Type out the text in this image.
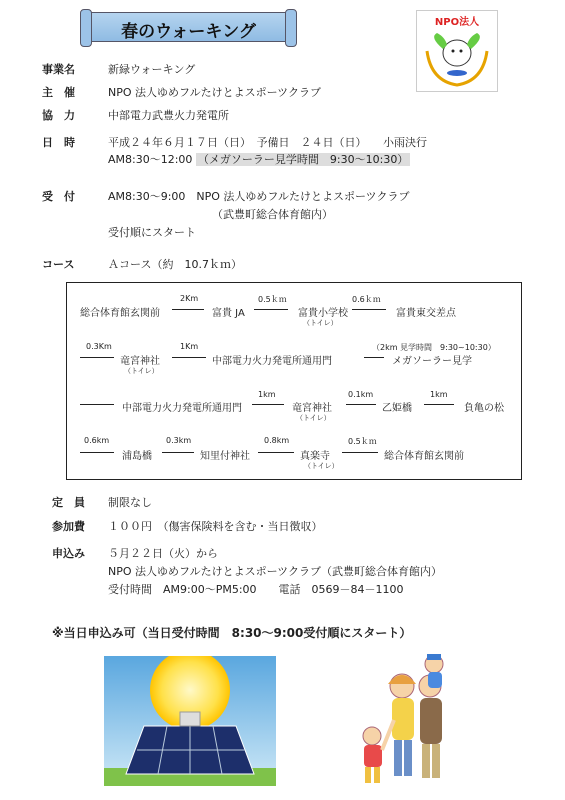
春のウォーキング	NPO法人
事業名	新緑ウォーキング
主　催	NPO 法人ゆめフルたけとよスポーツクラブ
協　力	中部電力武豊火力発電所
日　時	平成２４年６月１７日（日）　予備日　２４日（日）　　小雨決行
AM8:30～12:00 （メガソーラー見学時間　9:30～10:30）
受　付	AM8:30～9:00　NPO 法人ゆめフルたけとよスポーツクラブ
（武豊町総合体育館内）
受付順にスタート
コース	Ａコース（約　10.7ｋｍ）
総合体育館玄関前
2Km
富貴 JA
0.5ｋｍ
富貴小学校
（トイレ）
0.6ｋｍ
富貴東交差点
0.3Km
竜宮神社
（トイレ）
1Km
中部電力火力発電所通用門
（2km 見学時間　9:30~10:30）
メガソーラー見学
中部電力火力発電所通用門
1km
竜宮神社
（トイレ）
0.1km
乙姫橋
1km
負亀の松
0.6km
浦島橋
0.3km
知里付神社
0.8km
真楽寺
（トイレ）
0.5ｋｍ
総合体育館玄関前
定　員 制限なし
参加費 １００円　（傷害保険料を含む・当日徴収）
申込み ５月２２日（火）から
NPO 法人ゆめフルたけとよスポーツクラブ（武豊町総合体育館内）
受付時間　AM9:00～PM5:00　　電話　0569－84－1100
※当日申込み可（当日受付時間　8:30～9:00受付順にスタート）
